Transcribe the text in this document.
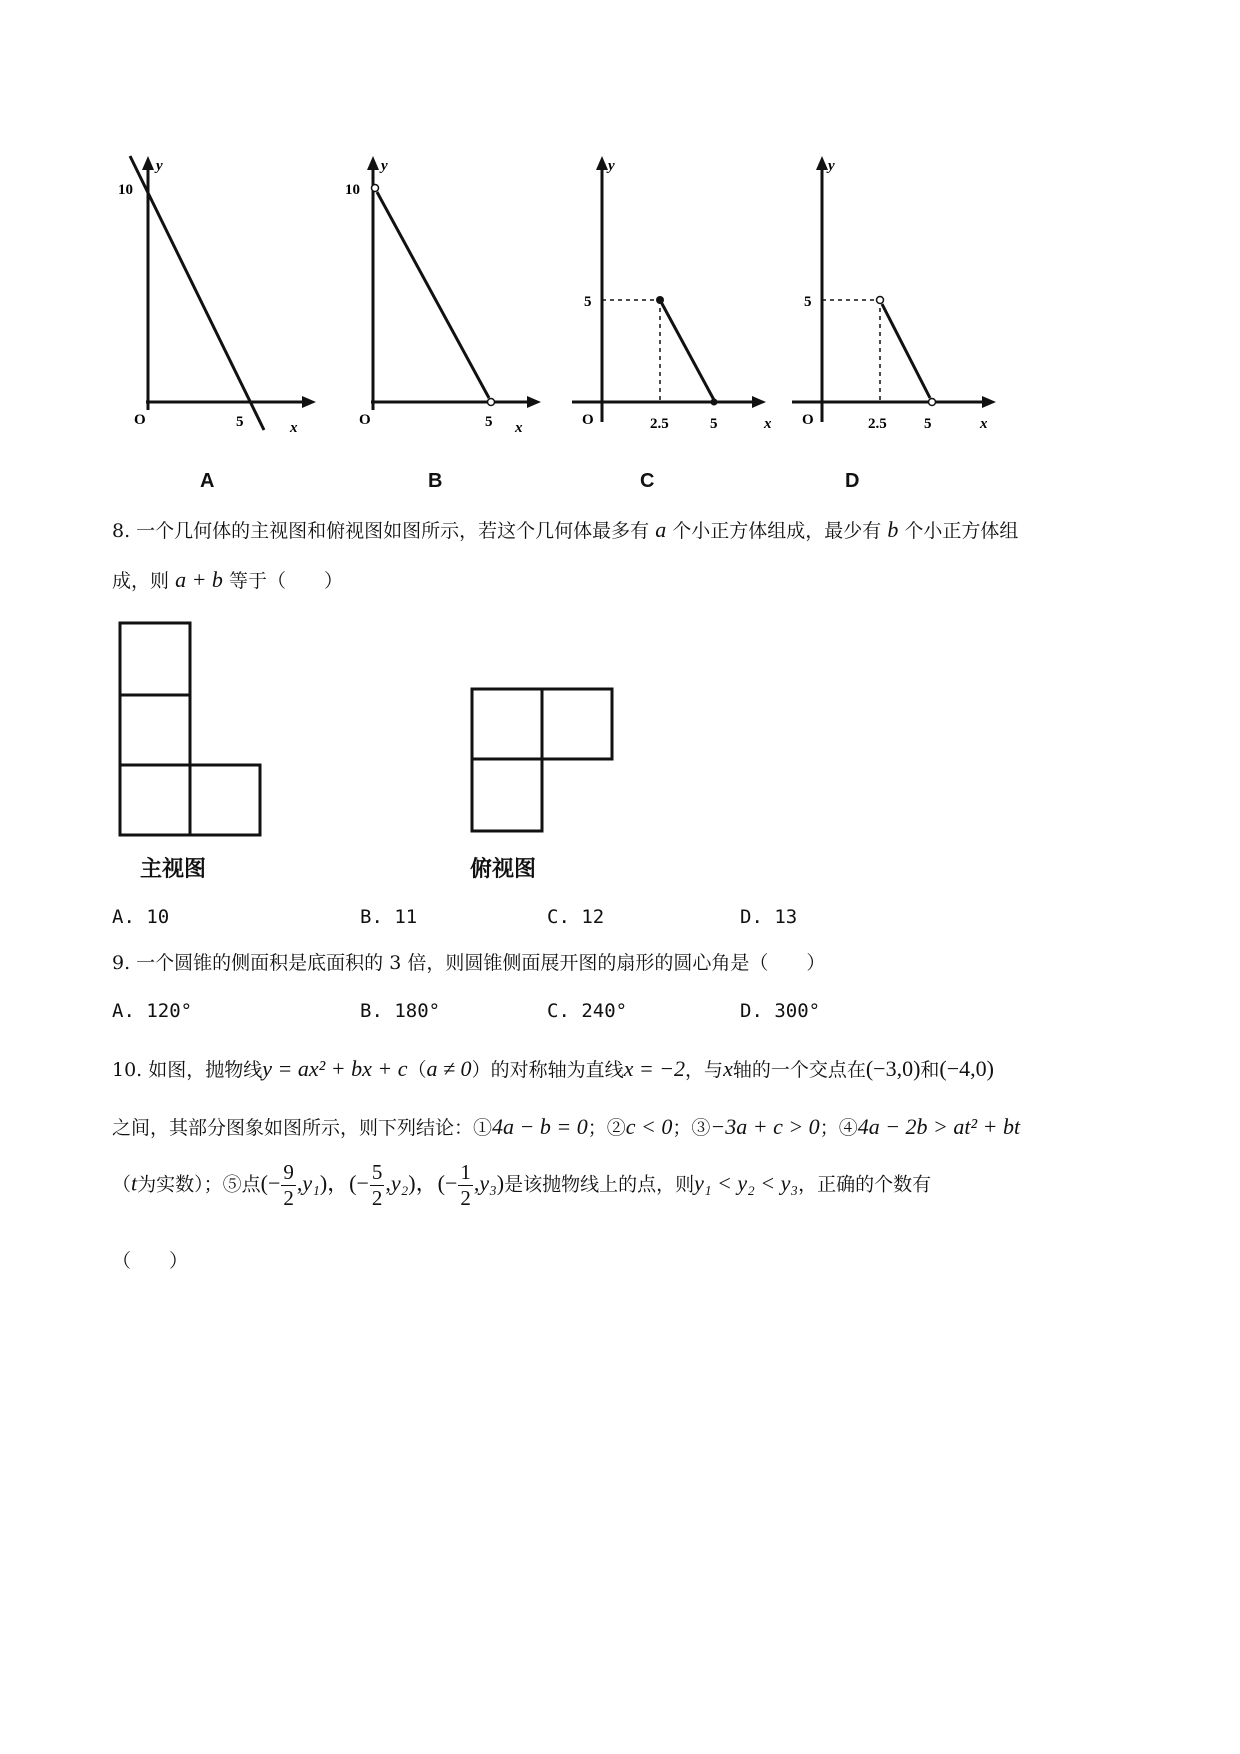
y
x
O
10
5
A
y
x
O
10
5
B
y
x
O
5
2.5	5
C
y
x
O
5
2.5 5
D
8. 一个几何体的主视图和俯视图如图所示，若这个几何体最多有 a 个小正方体组成，最少有 b 个小正方体组
成，则 a + b 等于（　　）
主视图	俯视图
A. 10	B. 11	C. 12	D. 13
9. 一个圆锥的侧面积是底面积的 3 倍，则圆锥侧面展开图的扇形的圆心角是（　　）
A. 120°	B. 180°	C. 240°	D. 300°
10. 如图，抛物线y = ax² + bx + c（a ≠ 0）的对称轴为直线x = −2，与x轴的一个交点在(−3,0)和(−4,0)
之间，其部分图象如图所示，则下列结论：①4a − b = 0；②c < 0；③−3a + c > 0；④4a − 2b > at² + bt
（t为实数）；⑤点(− $\frac{9}{2} ,y_1$)，(− $\frac{5}{2} ,y_2$)，(− $\frac{1}{2} ,y_3$)是该抛物线上的点，则y₁ < y₂ < y₃，正确的个数有
（　　）
